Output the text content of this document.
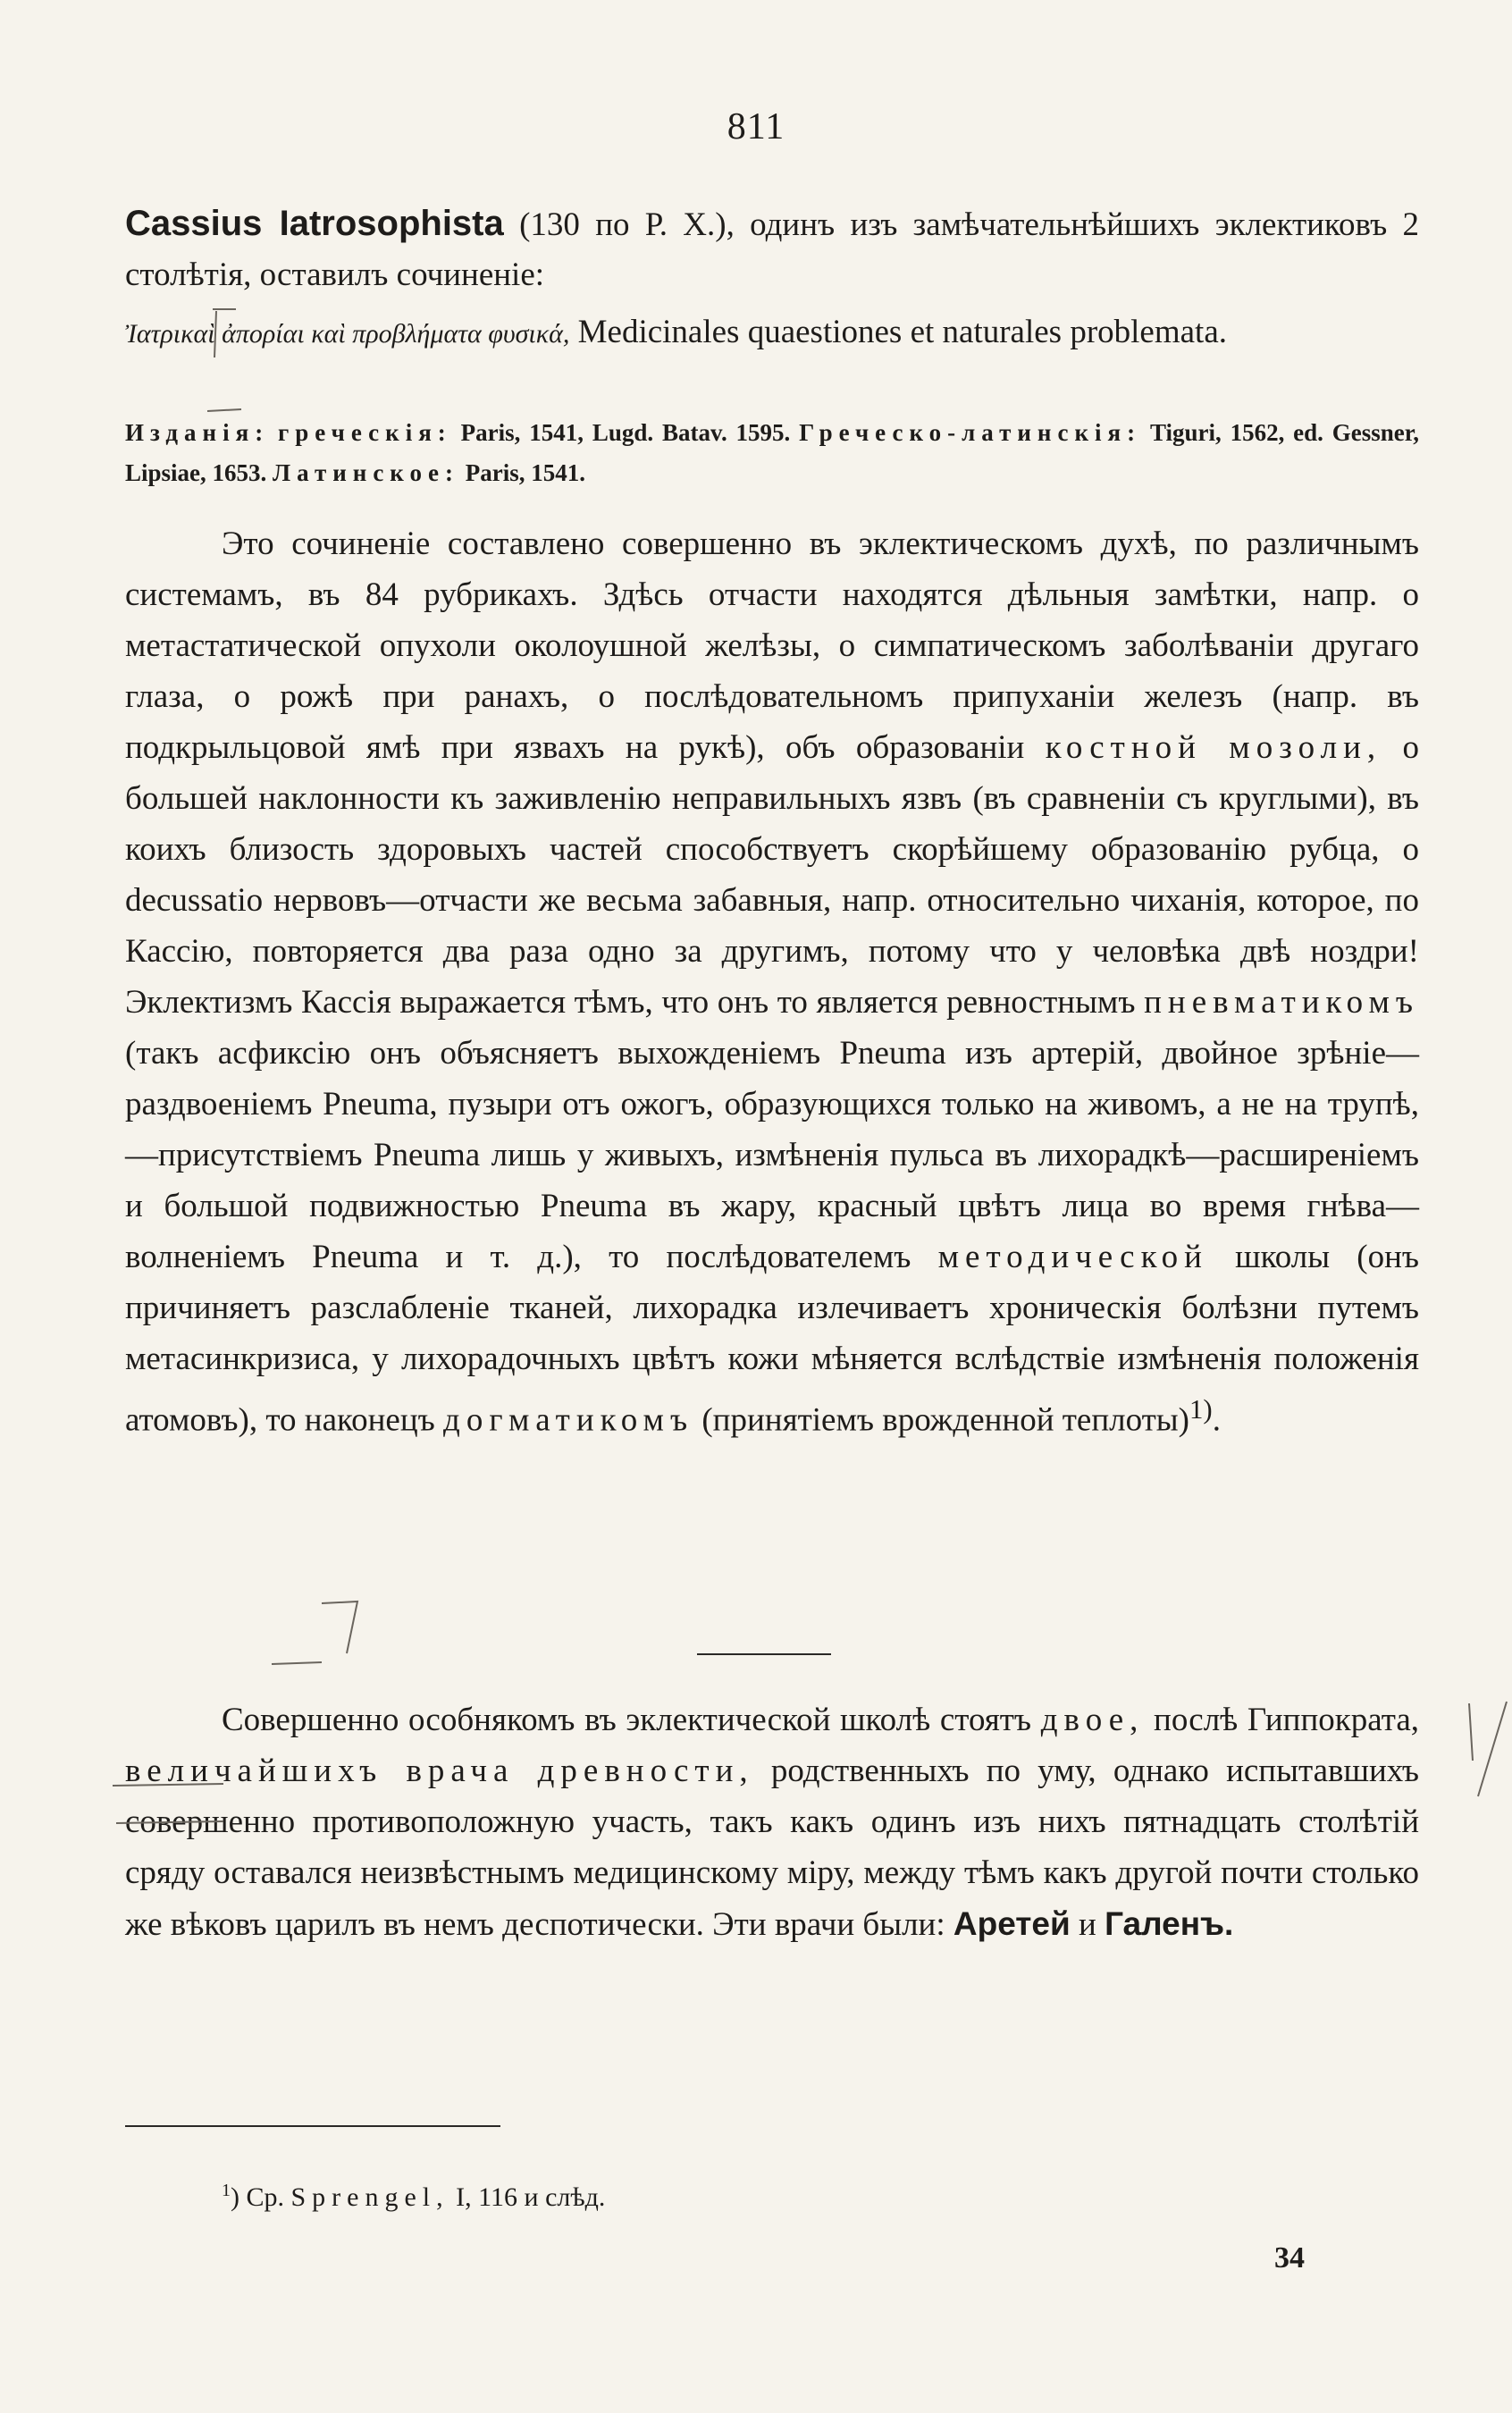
811
Cassius Iatrosophista (130 по Р. Х.), одинъ изъ замѣчательнѣйшихъ эклектиковъ 2 столѣтія, оставилъ сочиненіе:
Ἰατρικαὶ ἀπορίαι καὶ προβλήματα φυσικά, Medicinales quaestiones et naturales problemata.
Изданія: греческія: Paris, 1541, Lugd. Batav. 1595. Греческо-латинскія: Tiguri, 1562, ed. Gessner, Lipsiae, 1653. Латинское: Paris, 1541.
Это сочиненіе составлено совершенно въ эклектическомъ духѣ, по различнымъ системамъ, въ 84 рубрикахъ. Здѣсь отчасти находятся дѣльныя замѣтки, напр. о метастатической опухоли околоушной желѣзы, о симпатическомъ заболѣваніи другаго глаза, о рожѣ при ранахъ, о послѣдовательномъ припуханіи железъ (напр. въ подкрыльцовой ямѣ при язвахъ на рукѣ), объ образованіи костной мозоли, о большей наклонности къ заживленію неправильныхъ язвъ (въ сравненіи съ круглыми), въ коихъ близость здоровыхъ частей способствуетъ скорѣйшему образованію рубца, о decussatio нервовъ—отчасти же весьма забавныя, напр. относительно чиханія, которое, по Кассію, повторяется два раза одно за другимъ, потому что у человѣка двѣ ноздри! Эклектизмъ Кассія выражается тѣмъ, что онъ то является ревностнымъ пневматикомъ (такъ асфиксію онъ объясняетъ выхожденіемъ Pneuma изъ артерій, двойное зрѣніе—раздвоеніемъ Pneuma, пузыри отъ ожогъ, образующихся только на живомъ, а не на трупѣ,—присутствіемъ Pneuma лишь у живыхъ, измѣненія пульса въ лихорадкѣ—расширеніемъ и большой подвижностью Pneuma въ жару, красный цвѣтъ лица во время гнѣва—волненіемъ Pneuma и т. д.), то послѣдователемъ методической школы (онъ причиняетъ разслабленіе тканей, лихорадка излечиваетъ хроническія болѣзни путемъ метасинкризиса, у лихорадочныхъ цвѣтъ кожи мѣняется вслѣдствіе измѣненія положенія атомовъ), то наконецъ догматикомъ (принятіемъ врожденной теплоты)$^{1)}$.
Совершенно особнякомъ въ эклектической школѣ стоятъ двое, послѣ Гиппократа, величайшихъ врача древности, родственныхъ по уму, однако испытавшихъ совершенно противоположную участь, такъ какъ одинъ изъ нихъ пятнадцать столѣтій сряду оставался неизвѣстнымъ медицинскому міру, между тѣмъ какъ другой почти столько же вѣковъ царилъ въ немъ деспотически. Эти врачи были: Аретей и Галенъ.
$^1$) Ср. Sprengel, I, 116 и слѣд.
34
